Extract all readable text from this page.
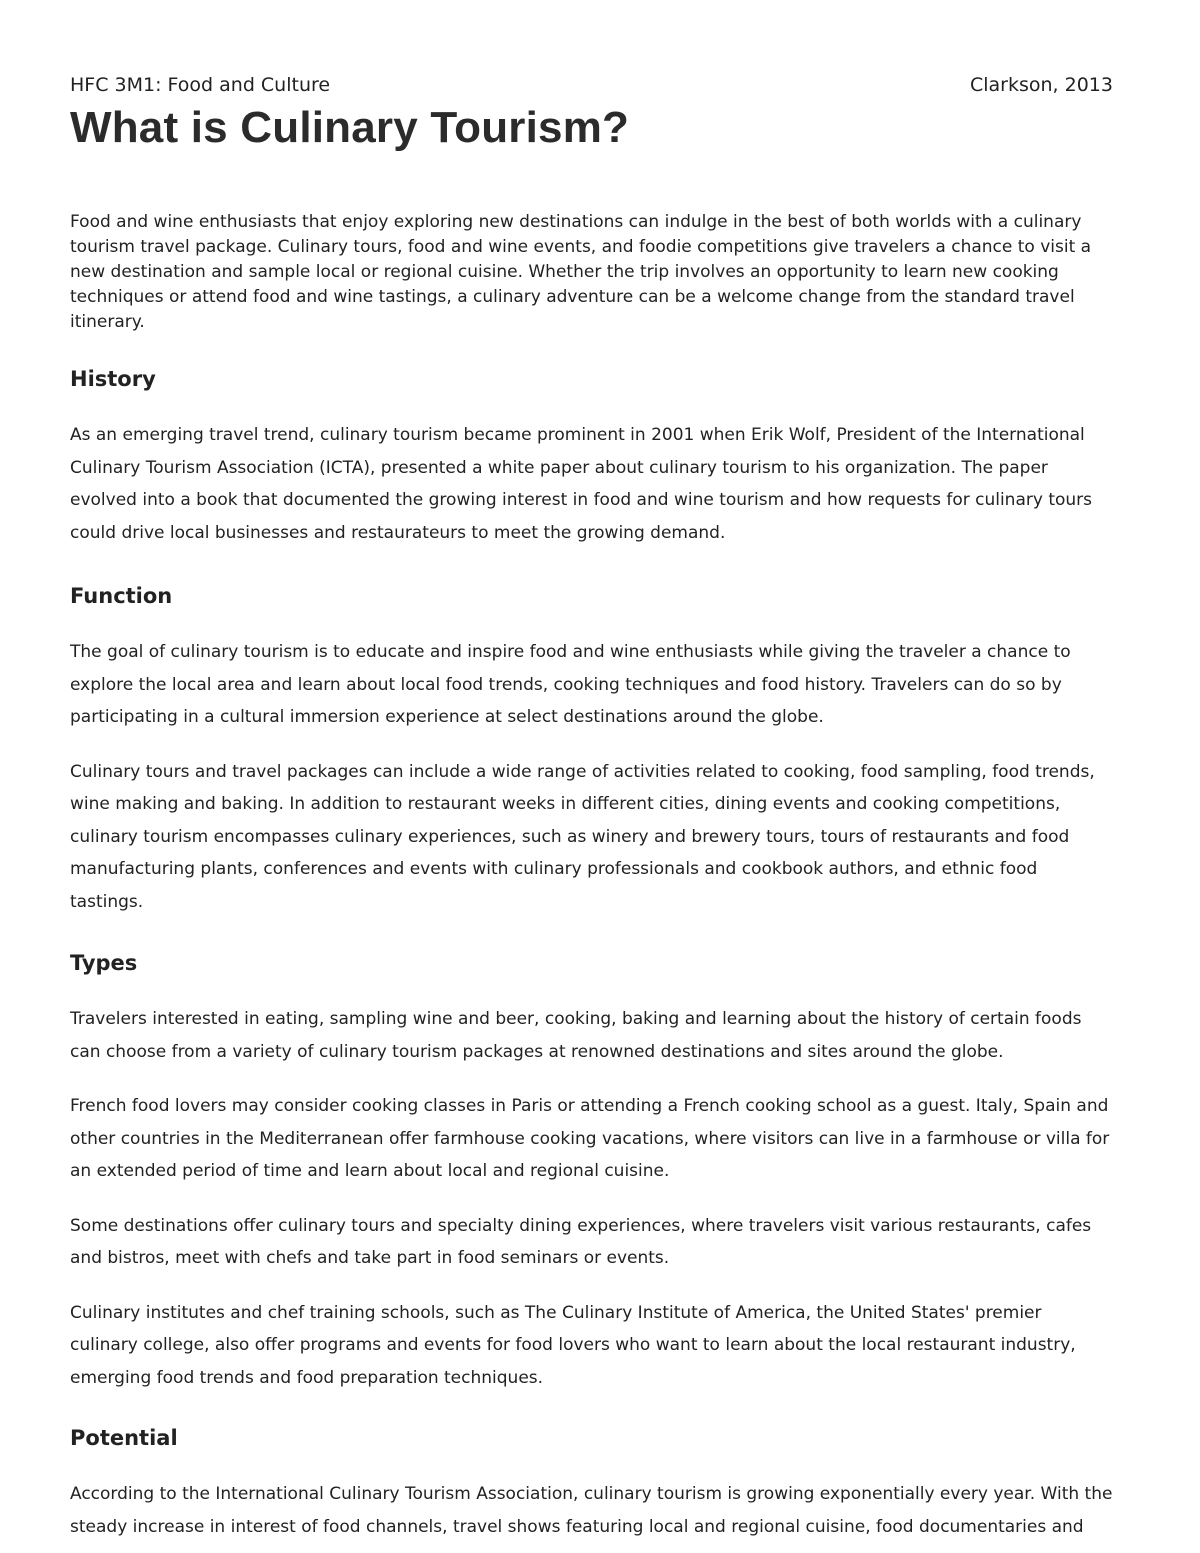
HFC 3M1: Food and Culture	Clarkson, 2013
What is Culinary Tourism?

Food and wine enthusiasts that enjoy exploring new destinations can indulge in the best of both worlds with a culinary tourism travel package. Culinary tours, food and wine events, and foodie competitions give travelers a chance to visit a new destination and sample local or regional cuisine. Whether the trip involves an opportunity to learn new cooking techniques or attend food and wine tastings, a culinary adventure can be a welcome change from the standard travel itinerary.

History

As an emerging travel trend, culinary tourism became prominent in 2001 when Erik Wolf, President of the International Culinary Tourism Association (ICTA), presented a white paper about culinary tourism to his organization. The paper evolved into a book that documented the growing interest in food and wine tourism and how requests for culinary tours could drive local businesses and restaurateurs to meet the growing demand.

Function

The goal of culinary tourism is to educate and inspire food and wine enthusiasts while giving the traveler a chance to explore the local area and learn about local food trends, cooking techniques and food history. Travelers can do so by participating in a cultural immersion experience at select destinations around the globe.

Culinary tours and travel packages can include a wide range of activities related to cooking, food sampling, food trends, wine making and baking. In addition to restaurant weeks in different cities, dining events and cooking competitions, culinary tourism encompasses culinary experiences, such as winery and brewery tours, tours of restaurants and food manufacturing plants, conferences and events with culinary professionals and cookbook authors, and ethnic food tastings.

Types

Travelers interested in eating, sampling wine and beer, cooking, baking and learning about the history of certain foods can choose from a variety of culinary tourism packages at renowned destinations and sites around the globe.

French food lovers may consider cooking classes in Paris or attending a French cooking school as a guest. Italy, Spain and other countries in the Mediterranean offer farmhouse cooking vacations, where visitors can live in a farmhouse or villa for an extended period of time and learn about local and regional cuisine.

Some destinations offer culinary tours and specialty dining experiences, where travelers visit various restaurants, cafes and bistros, meet with chefs and take part in food seminars or events.

Culinary institutes and chef training schools, such as The Culinary Institute of America, the United States' premier culinary college, also offer programs and events for food lovers who want to learn about the local restaurant industry, emerging food trends and food preparation techniques.

Potential

According to the International Culinary Tourism Association, culinary tourism is growing exponentially every year. With the steady increase in interest of food channels, travel shows featuring local and regional cuisine, food documentaries and
